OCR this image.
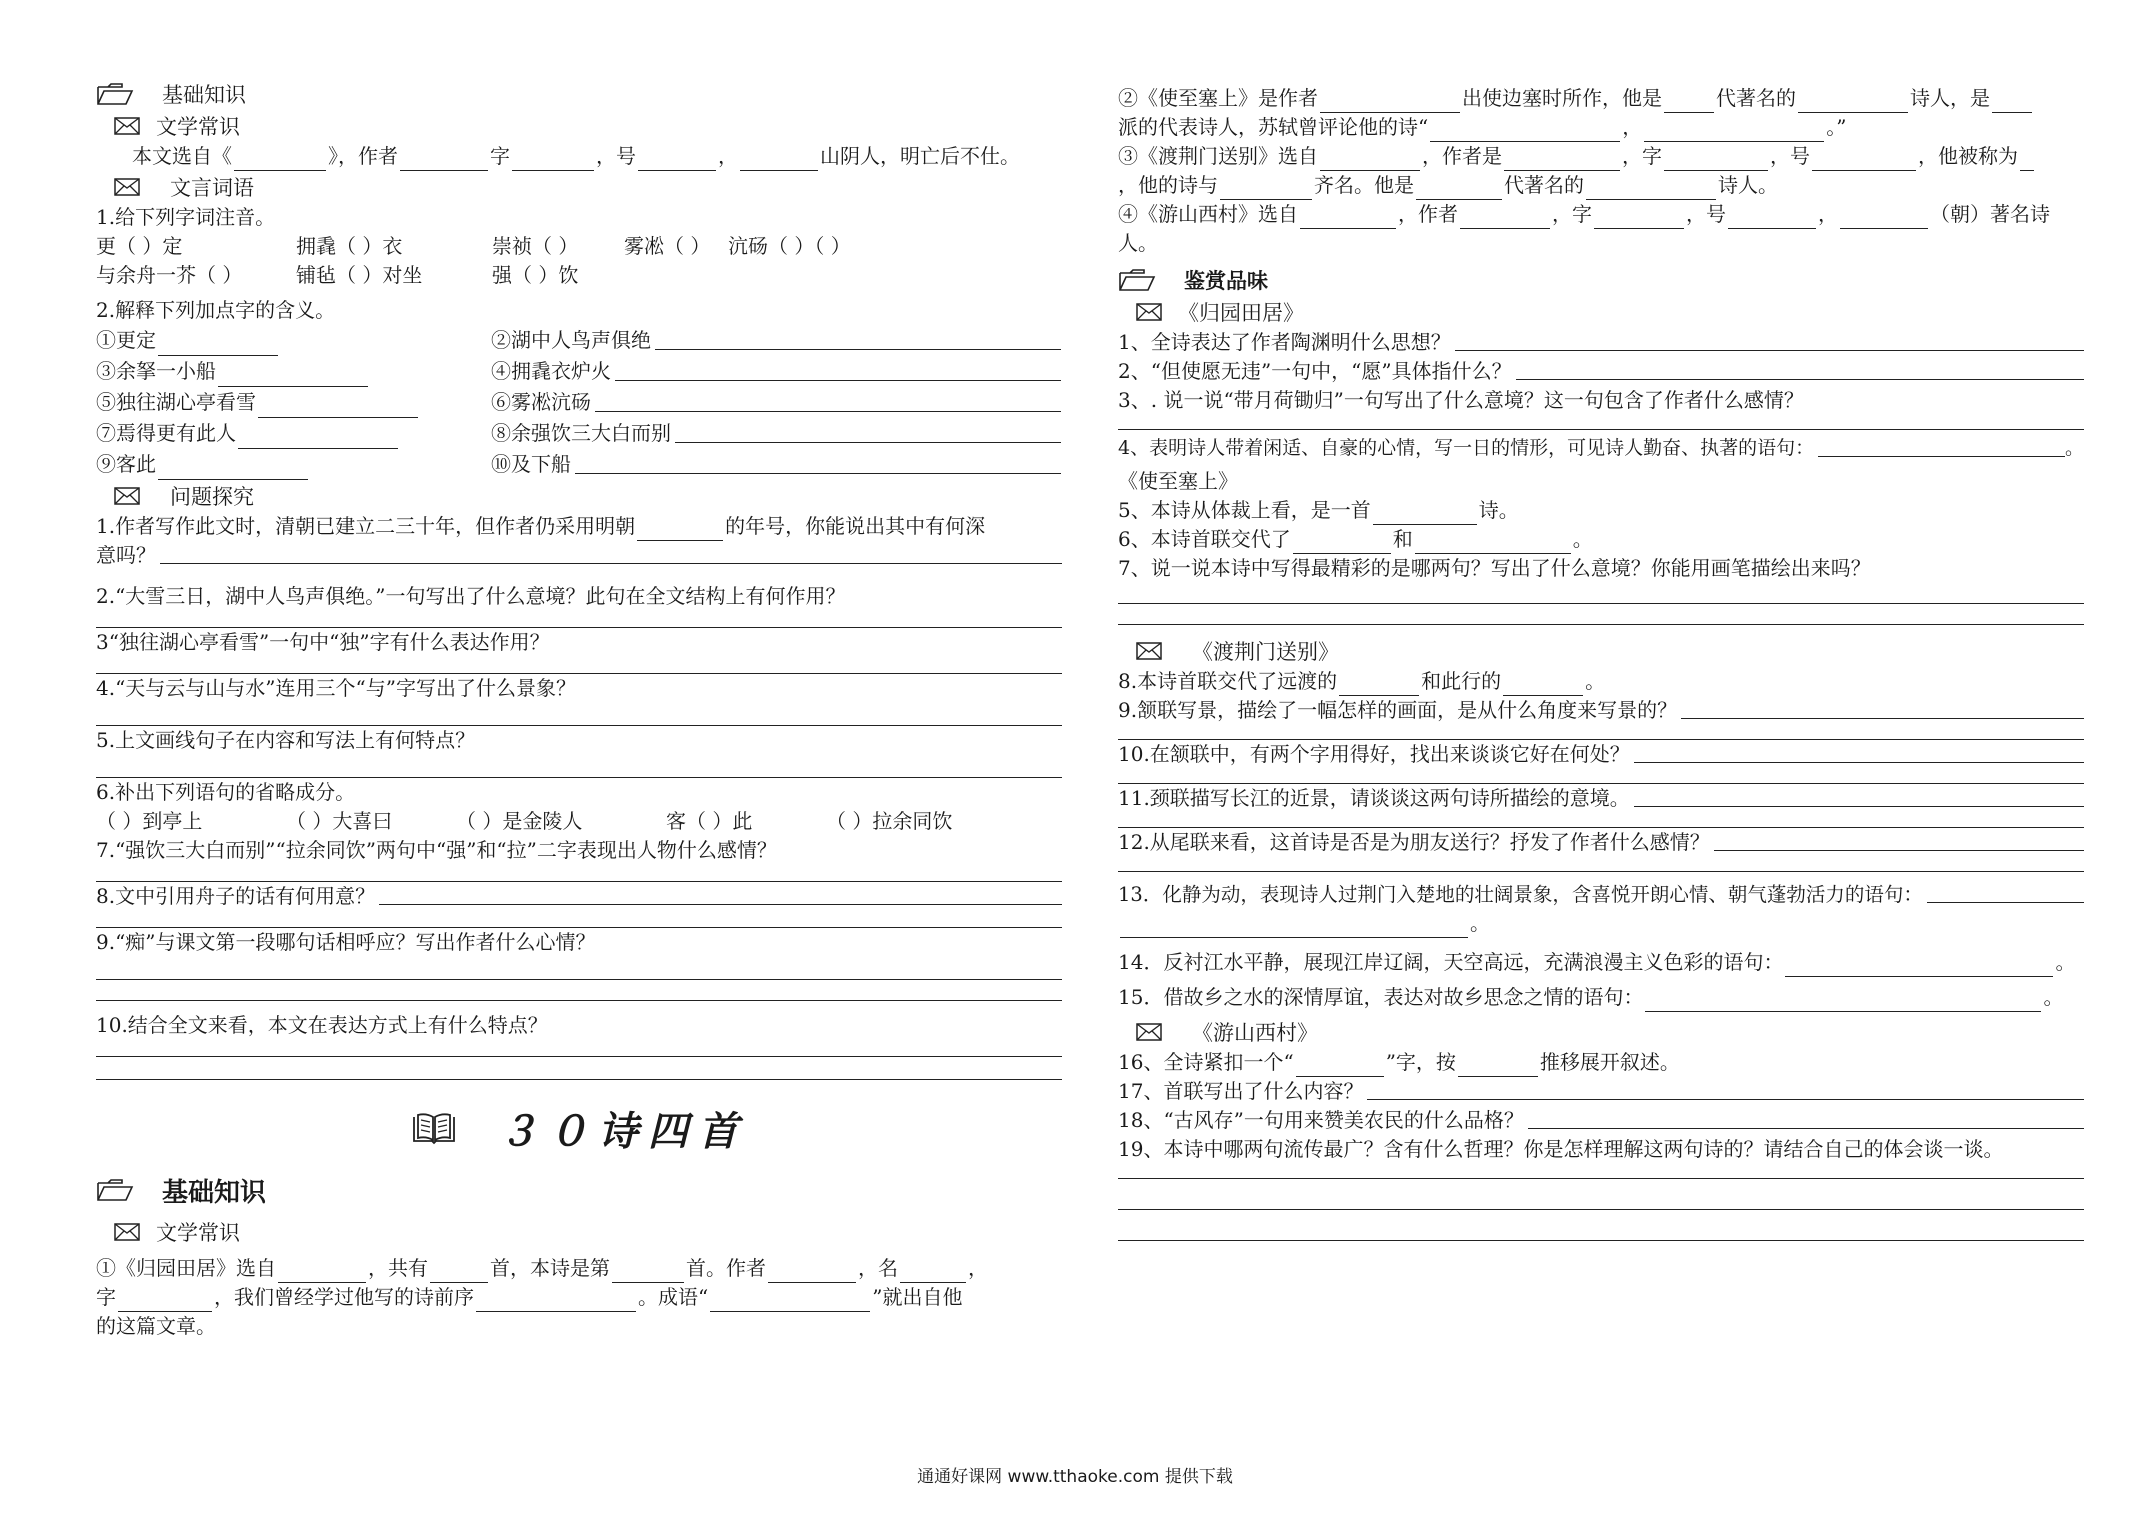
基础知识
文学常识
本文选自《	》，作者	字	，号	，	山阴人，明亡后不仕。
文言词语
1.给下列字词注音。
更（ ）定	拥毳（ ）衣	崇祯（ ）	雾凇（ ） 沆砀（ ）（ ）
与余舟一芥（ ）	铺毡（ ）对坐	强（ ）饮
2.解释下列加点字的含义。
①更定	②湖中人鸟声俱绝
③余拏一小船	④拥毳衣炉火
⑤独往湖心亭看雪	⑥雾凇沆砀
⑦焉得更有此人	⑧余强饮三大白而别
⑨客此	⑩及下船
问题探究
1.作者写作此文时，清朝已建立二三十年，但作者仍采用明朝	的年号，你能说出其中有何深
意吗？
2.“大雪三日，湖中人鸟声俱绝。”一句写出了什么意境？此句在全文结构上有何作用？
3“独往湖心亭看雪”一句中“独”字有什么表达作用？
4.“天与云与山与水”连用三个“与”字写出了什么景象？
5.上文画线句子在内容和写法上有何特点？
6.补出下列语句的省略成分。
（ ）到亭上	（ ）大喜曰	（ ）是金陵人	客（ ）此	（ ）拉余同饮
7.“强饮三大白而别”“拉余同饮”两句中“强”和“拉”二字表现出人物什么感情？
8.文中引用舟子的话有何用意？
9.“痴”与课文第一段哪句话相呼应？写出作者什么心情？
10.结合全文来看，本文在表达方式上有什么特点？
３０诗四首
基础知识
文学常识
①《归园田居》选自	，共有	首，本诗是第	首。作者	，名	，
字	，我们曾经学过他写的诗前序	。成语“	”就出自他
的这篇文章。
②《使至塞上》是作者	出使边塞时所作，他是	代著名的	诗人，是
派的代表诗人，苏轼曾评论他的诗“	，	。”
③《渡荆门送别》选自	，作者是	，字	，号	，他被称为
，他的诗与	齐名。他是	代著名的	诗人。
④《游山西村》选自	，作者	，字	，号	，	（朝）著名诗
人。
鉴赏品味
《归园田居》
1、全诗表达了作者陶渊明什么思想？
2、“但使愿无违”一句中，“愿”具体指什么？
3、. 说一说“带月荷锄归”一句写出了什么意境？这一句包含了作者什么感情？
4、表明诗人带着闲适、自豪的心情，写一日的情形，可见诗人勤奋、执著的语句：	。
《使至塞上》
5、本诗从体裁上看，是一首	诗。
6、本诗首联交代了	和	。
7、说一说本诗中写得最精彩的是哪两句？写出了什么意境？你能用画笔描绘出来吗？
《渡荆门送别》
8.本诗首联交代了远渡的	和此行的	。
9.颔联写景，描绘了一幅怎样的画面，是从什么角度来写景的？
10.在颔联中，有两个字用得好，找出来谈谈它好在何处？
11.颈联描写长江的近景，请谈谈这两句诗所描绘的意境。
12.从尾联来看，这首诗是否是为朋友送行？抒发了作者什么感情？
13．化静为动，表现诗人过荆门入楚地的壮阔景象，含喜悦开朗心情、朝气蓬勃活力的语句：
。
14．反衬江水平静，展现江岸辽阔，天空高远，充满浪漫主义色彩的语句：	。
15．借故乡之水的深情厚谊，表达对故乡思念之情的语句：	。
《游山西村》
16、全诗紧扣一个“	”字，按	推移展开叙述。
17、首联写出了什么内容？
18、“古风存”一句用来赞美农民的什么品格？
19、本诗中哪两句流传最广？含有什么哲理？你是怎样理解这两句诗的？请结合自己的体会谈一谈。
通通好课网 www.tthaoke.com 提供下载
